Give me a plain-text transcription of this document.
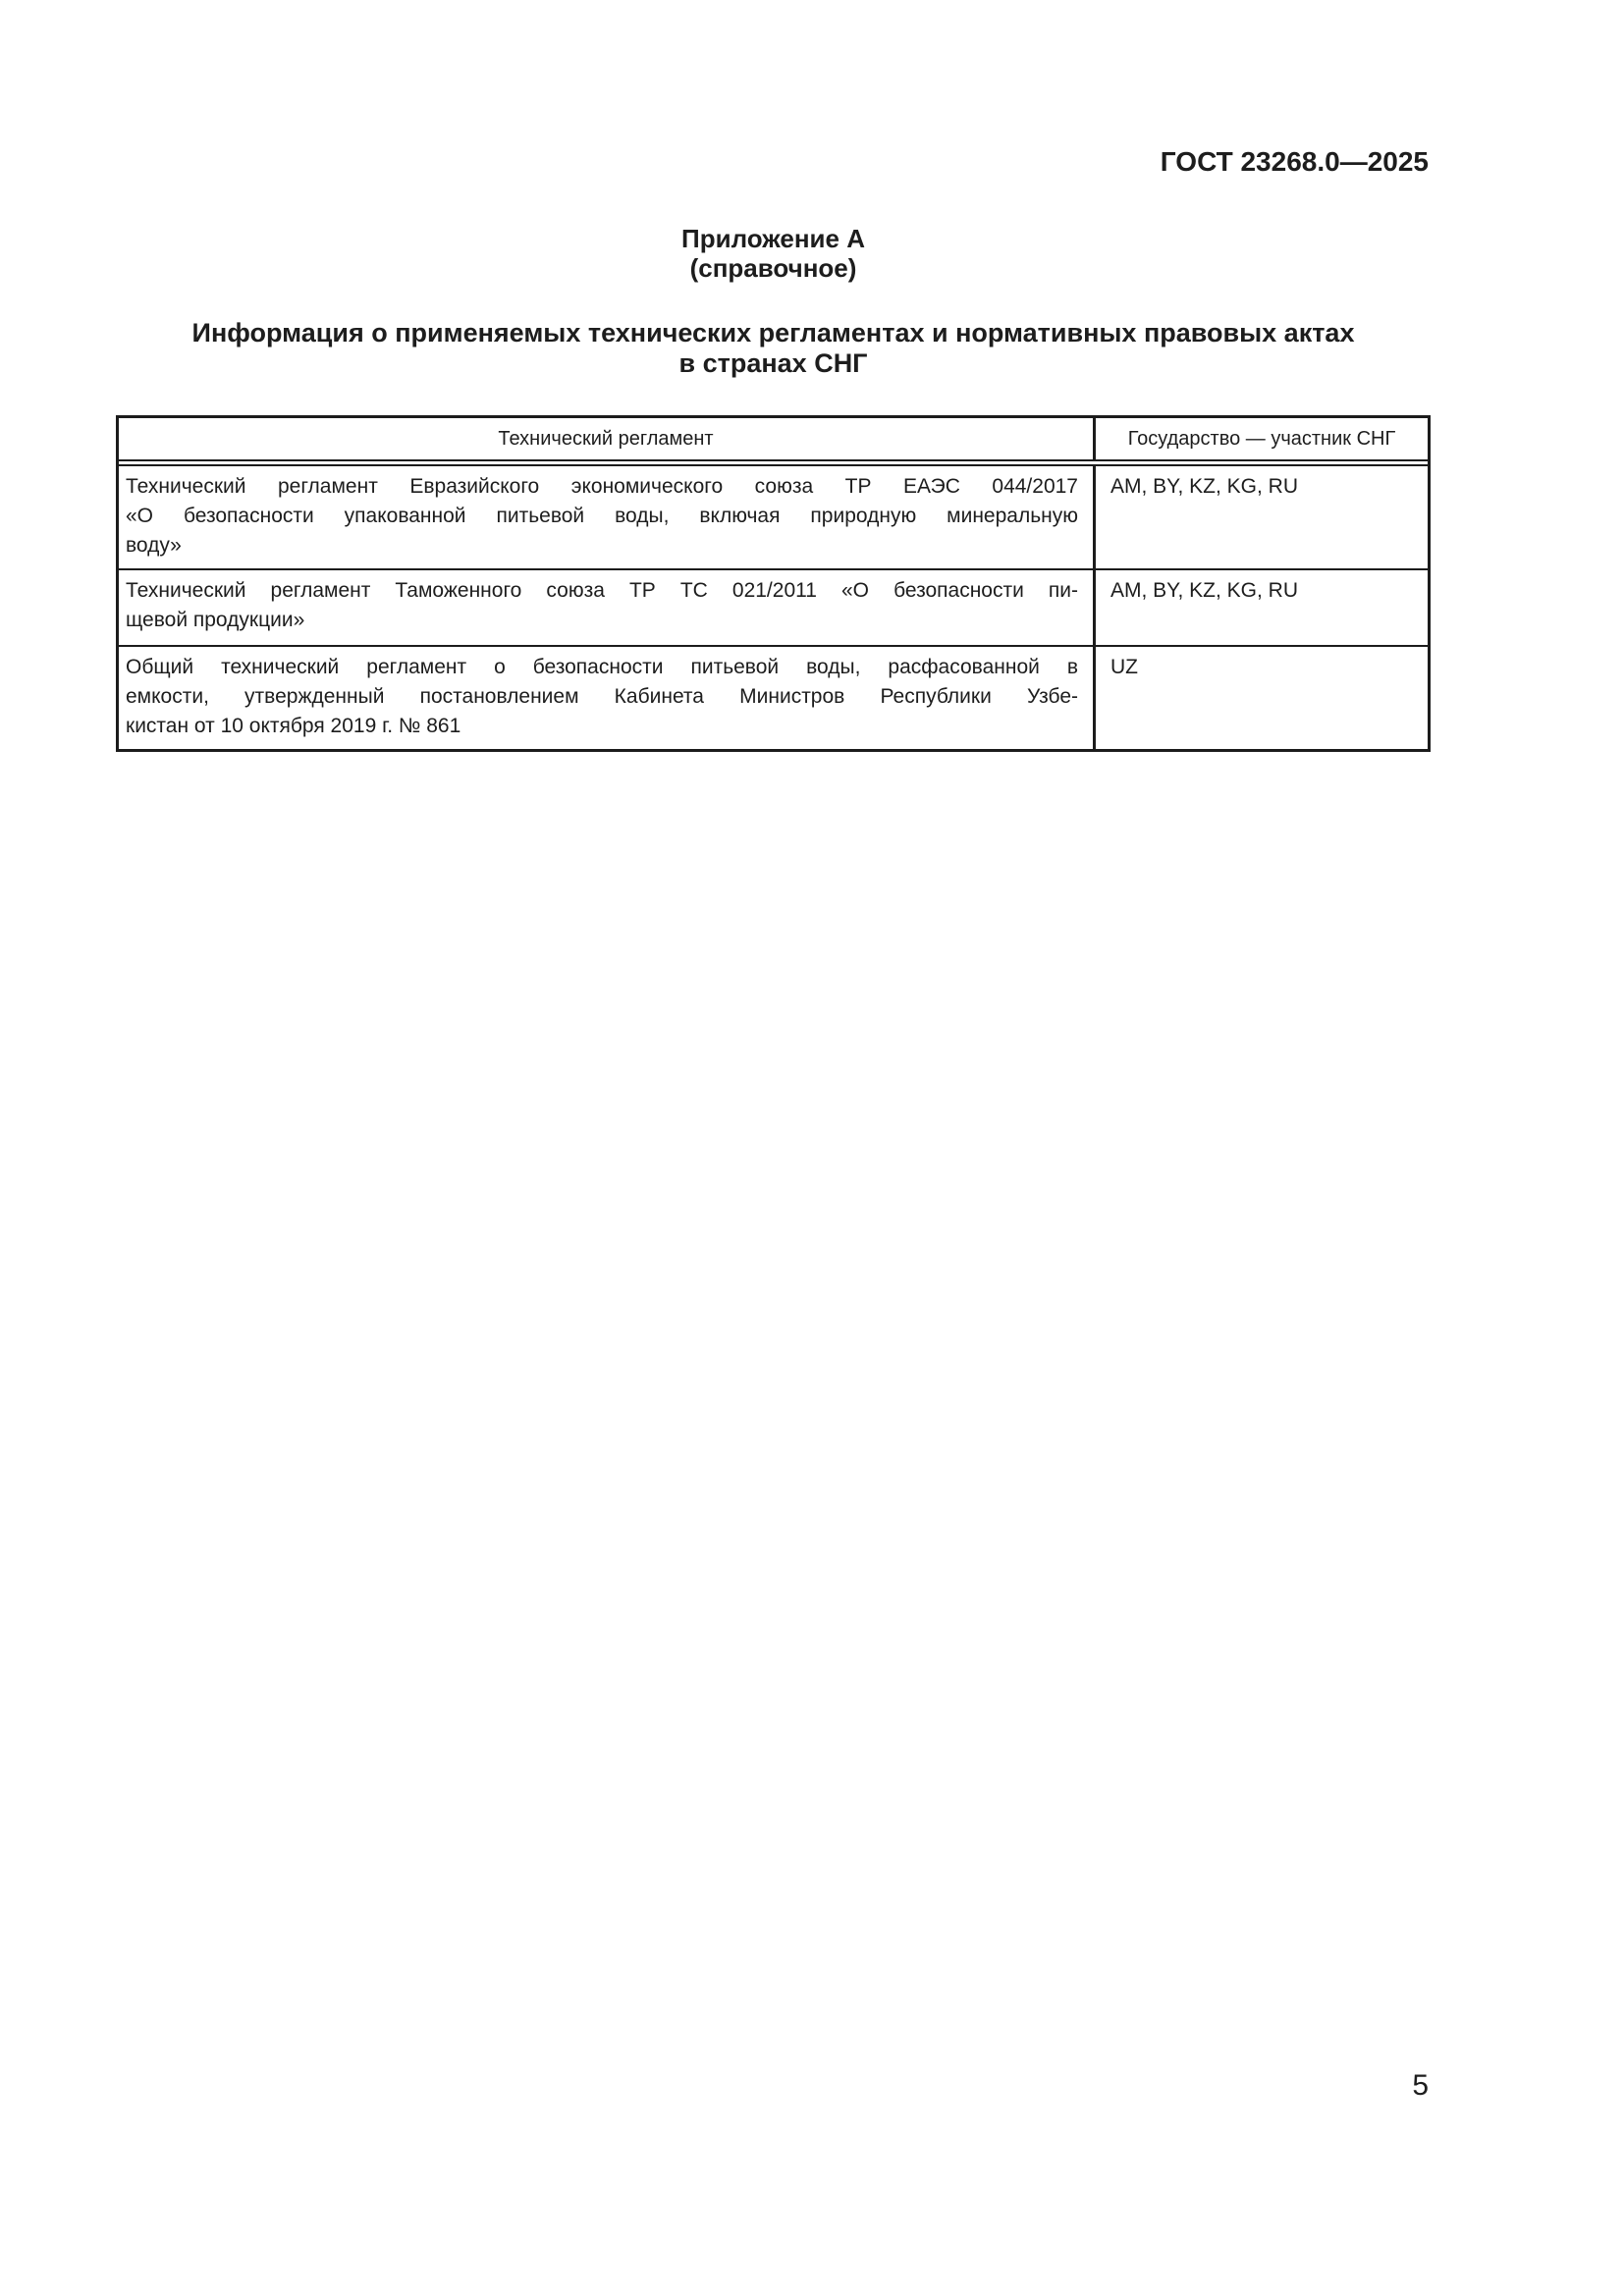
ГОСТ 23268.0—2025
Приложение А
(справочное)
Информация о применяемых технических регламентах и нормативных правовых актах
в странах СНГ
Технический регламент	Государство — участник СНГ
Технический регламент Евразийского экономического союза ТР ЕАЭС 044/2017
«О безопасности упакованной питьевой воды, включая природную минеральную
воду»
AM, BY, KZ, KG, RU
Технический регламент Таможенного союза ТР ТС 021/2011 «О безопасности пи-
щевой продукции»
AM, BY, KZ, KG, RU
Общий технический регламент о безопасности питьевой воды, расфасованной в
емкости, утвержденный постановлением Кабинета Министров Республики Узбе-
кистан от 10 октября 2019 г. № 861
UZ
5
